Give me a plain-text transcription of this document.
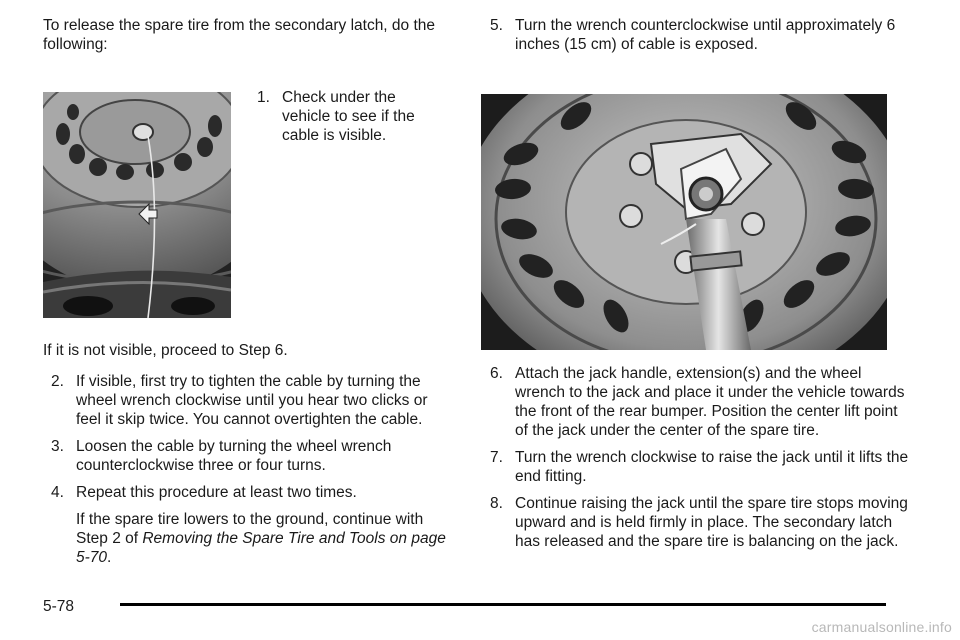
To release the spare tire from the secondary latch, do the following:

1. Check under the vehicle to see if the cable is visible.

If it is not visible, proceed to Step 6.

2. If visible, first try to tighten the cable by turning the wheel wrench clockwise until you hear two clicks or feel it skip twice. You cannot overtighten the cable.

3. Loosen the cable by turning the wheel wrench counterclockwise three or four turns.

4. Repeat this procedure at least two times.

If the spare tire lowers to the ground, continue with Step 2 of Removing the Spare Tire and Tools on page 5-70.

5. Turn the wrench counterclockwise until approximately 6 inches (15 cm) of cable is exposed.

6. Attach the jack handle, extension(s) and the wheel wrench to the jack and place it under the vehicle towards the front of the rear bumper. Position the center lift point of the jack under the center of the spare tire.

7. Turn the wrench clockwise to raise the jack until it lifts the end fitting.

8. Continue raising the jack until the spare tire stops moving upward and is held firmly in place. The secondary latch has released and the spare tire is balancing on the jack.

5-78
carmanualsonline.info
